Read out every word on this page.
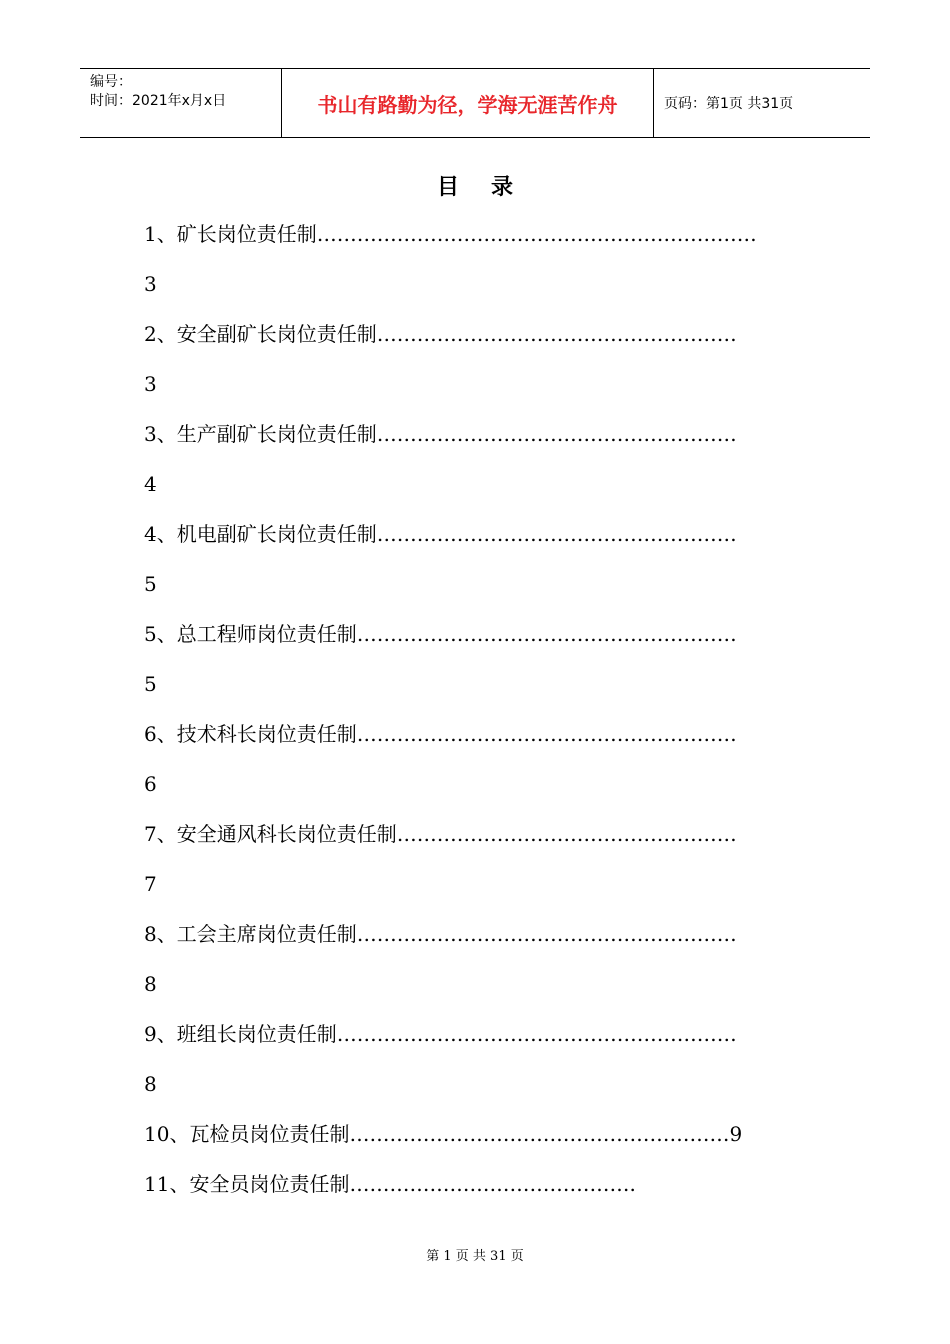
编号：
时间：2021年x月x日	书山有路勤为径，学海无涯苦作舟	页码：第1页 共31页
目录
1、矿长岗位责任制…………………………………………………………
3
2、安全副矿长岗位责任制………………………………………………
3
3、生产副矿长岗位责任制………………………………………………
4
4、机电副矿长岗位责任制………………………………………………
5
5、总工程师岗位责任制…………………………………………………
5
6、技术科长岗位责任制…………………………………………………
6
7、安全通风科长岗位责任制……………………………………………
7
8、工会主席岗位责任制…………………………………………………
8
9、班组长岗位责任制……………………………………………………
8
10、瓦检员岗位责任制…………………………………………………9
11、安全员岗位责任制…………………………………….
第 1 页 共 31 页
